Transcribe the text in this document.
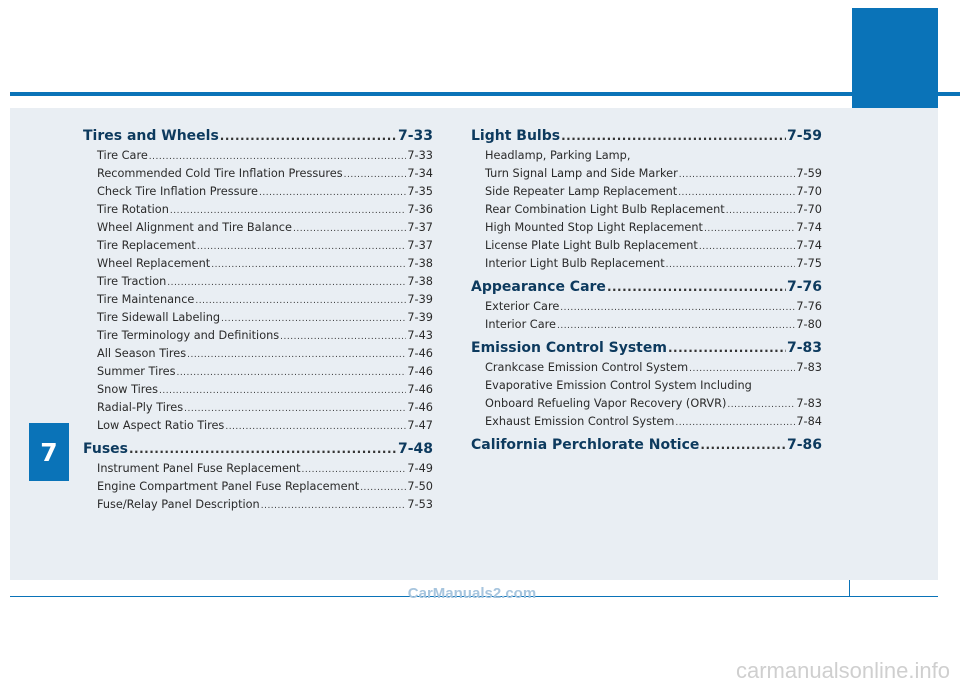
7
Tires and Wheels .....	7-33
Tire Care .....	7-33
Recommended Cold Tire Inflation Pressures .....	7-34
Check Tire Inflation Pressure .....	7-35
Tire Rotation .....	7-36
Wheel Alignment and Tire Balance .....	7-37
Tire Replacement .....	7-37
Wheel Replacement .....	7-38
Tire Traction .....	7-38
Tire Maintenance .....	7-39
Tire Sidewall Labeling .....	7-39
Tire Terminology and Definitions .....	7-43
All Season Tires .....	7-46
Summer Tires .....	7-46
Snow Tires .....	7-46
Radial-Ply Tires .....	7-46
Low Aspect Ratio Tires .....	7-47
Fuses .....	7-48
Instrument Panel Fuse Replacement .....	7-49
Engine Compartment Panel Fuse Replacement .....	7-50
Fuse/Relay Panel Description .....	7-53
Light Bulbs .....	7-59
Headlamp, Parking Lamp,
Turn Signal Lamp and Side Marker .....	7-59
Side Repeater Lamp Replacement .....	7-70
Rear Combination Light Bulb Replacement .....	7-70
High Mounted Stop Light Replacement .....	7-74
License Plate Light Bulb Replacement .....	7-74
Interior Light Bulb Replacement .....	7-75
Appearance Care .....	7-76
Exterior Care .....	7-76
Interior Care .....	7-80
Emission Control System .....	7-83
Crankcase Emission Control System .....	7-83
Evaporative Emission Control System Including
Onboard Refueling Vapor Recovery (ORVR) .....	7-83
Exhaust Emission Control System .....	7-84
California Perchlorate Notice .....	7-86
CarManuals2.com
carmanualsonline.info
